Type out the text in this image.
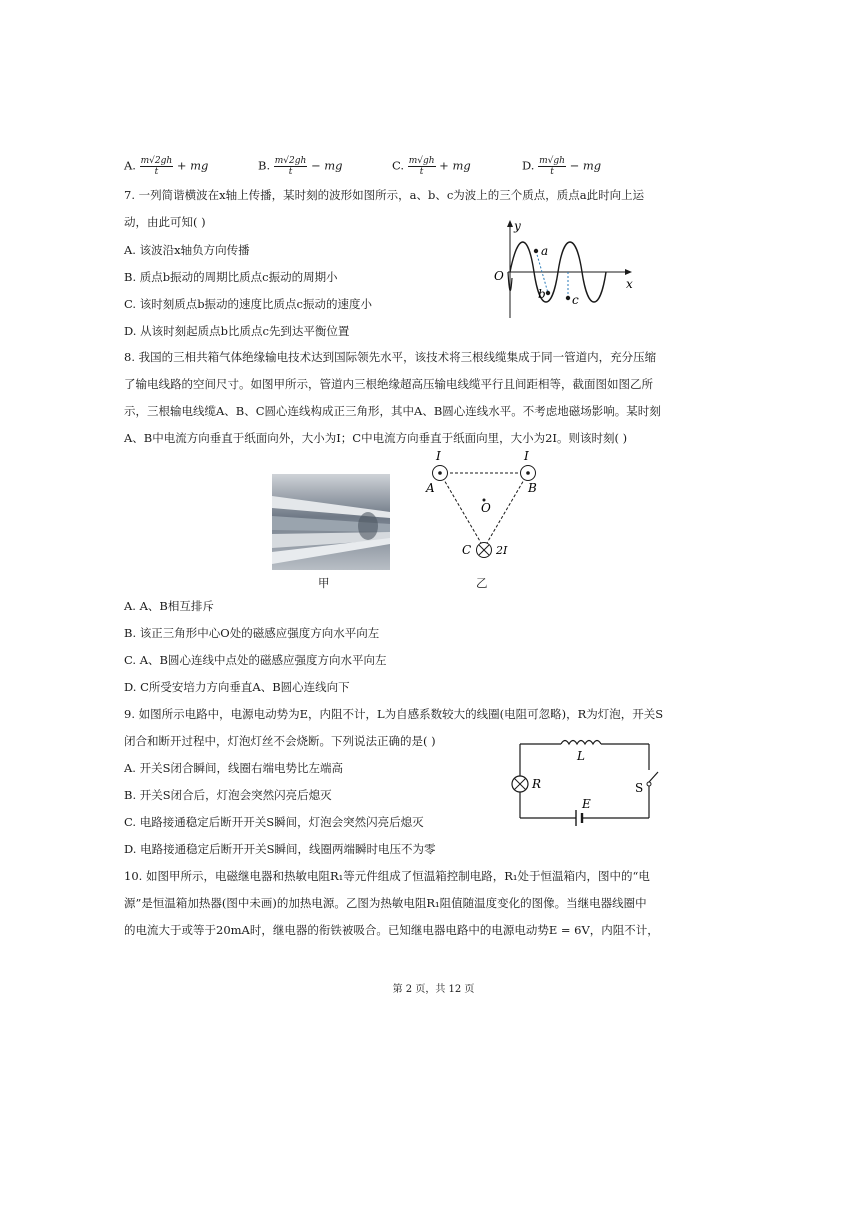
A. $\frac{m√2gh}{t}$ + mg	B. $\frac{m√2gh}{t}$ − mg	C. $\frac{m√gh}{t}$ + mg	D. $\frac{m√gh}{t}$ − mg
7. 一列简谐横波在x轴上传播，某时刻的波形如图所示，a、b、c为波上的三个质点，质点a此时向上运
动，由此可知( )
A. 该波沿x轴负方向传播
B. 质点b振动的周期比质点c振动的周期小
C. 该时刻质点b振动的速度比质点c振动的速度小
D. 从该时刻起质点b比质点c先到达平衡位置
y
x
O
a
b c
8. 我国的三相共箱气体绝缘输电技术达到国际领先水平，该技术将三根线缆集成于同一管道内，充分压缩
了输电线路的空间尺寸。如图甲所示，管道内三根绝缘超高压输电线缆平行且间距相等，截面图如图乙所
示，三根输电线缆A、B、C圆心连线构成正三角形，其中A、B圆心连线水平。不考虑地磁场影响。某时刻
A、B中电流方向垂直于纸面向外，大小为I；C中电流方向垂直于纸面向里，大小为2I。则该时刻( )
甲	乙
I	I
A	B
O
C 2I
A. A、B相互排斥
B. 该正三角形中心O处的磁感应强度方向水平向左
C. A、B圆心连线中点处的磁感应强度方向水平向左
D. C所受安培力方向垂直A、B圆心连线向下
9. 如图所示电路中，电源电动势为E，内阻不计，L为自感系数较大的线圈(电阻可忽略)，R为灯泡，开关S
闭合和断开过程中，灯泡灯丝不会烧断。下列说法正确的是( )
A. 开关S闭合瞬间，线圈右端电势比左端高
B. 开关S闭合后，灯泡会突然闪亮后熄灭
C. 电路接通稳定后断开开关S瞬间，灯泡会突然闪亮后熄灭
D. 电路接通稳定后断开开关S瞬间，线圈两端瞬时电压不为零
L
R	S
E
10. 如图甲所示，电磁继电器和热敏电阻R₁等元件组成了恒温箱控制电路，R₁处于恒温箱内，图中的“电
源”是恒温箱加热器(图中未画)的加热电源。乙图为热敏电阻R₁阻值随温度变化的图像。当继电器线圈中
的电流大于或等于20mA时，继电器的衔铁被吸合。已知继电器电路中的电源电动势E = 6V，内阻不计，
第 2 页，共 12 页
